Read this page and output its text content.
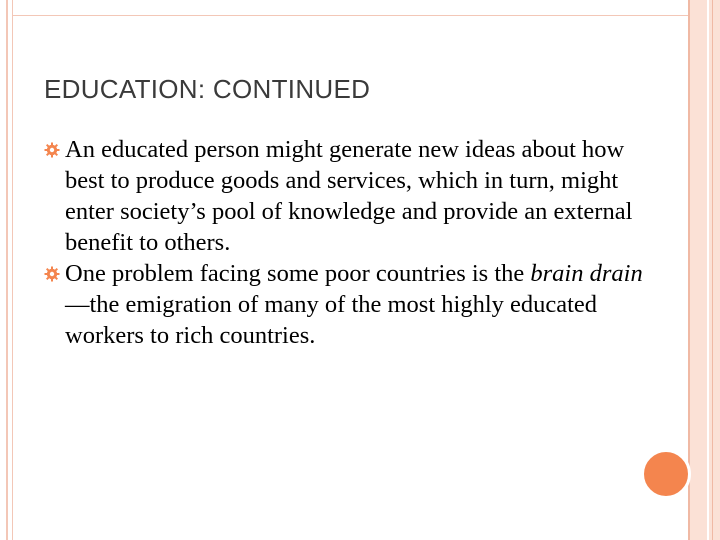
EDUCATION: CONTINUED

An educated person might generate new ideas about how best to produce goods and services, which in turn, might enter society’s pool of knowledge and provide an external benefit to others.

One problem facing some poor countries is the brain drain—the emigration of many of the most highly educated workers to rich countries.
